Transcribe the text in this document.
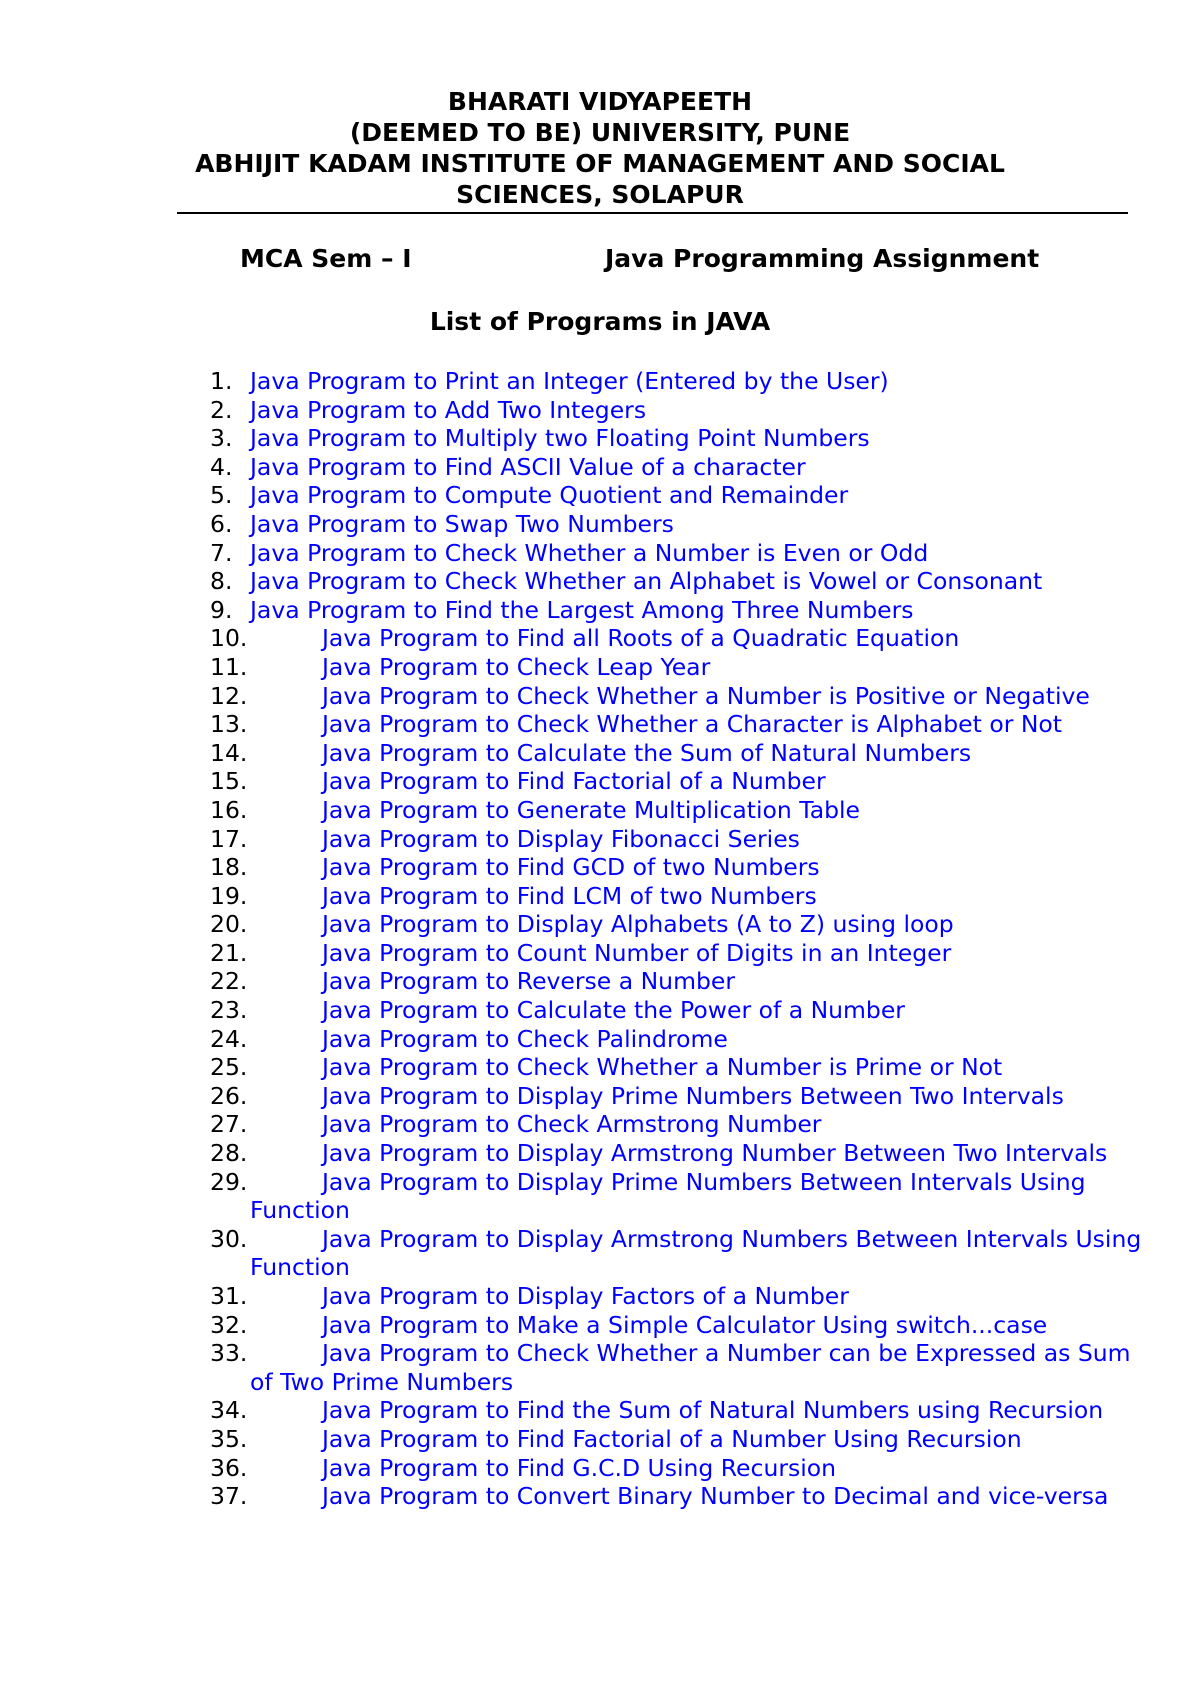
BHARATI VIDYAPEETH
(DEEMED TO BE) UNIVERSITY, PUNE
ABHIJIT KADAM INSTITUTE OF MANAGEMENT AND SOCIAL
SCIENCES, SOLAPUR
MCA Sem – I	Java Programming Assignment
List of Programs in JAVA
1. Java Program to Print an Integer (Entered by the User)
2. Java Program to Add Two Integers
3. Java Program to Multiply two Floating Point Numbers
4. Java Program to Find ASCII Value of a character
5. Java Program to Compute Quotient and Remainder
6. Java Program to Swap Two Numbers
7. Java Program to Check Whether a Number is Even or Odd
8. Java Program to Check Whether an Alphabet is Vowel or Consonant
9. Java Program to Find the Largest Among Three Numbers
10.	Java Program to Find all Roots of a Quadratic Equation
11.	Java Program to Check Leap Year
12.	Java Program to Check Whether a Number is Positive or Negative
13.	Java Program to Check Whether a Character is Alphabet or Not
14.	Java Program to Calculate the Sum of Natural Numbers
15.	Java Program to Find Factorial of a Number
16.	Java Program to Generate Multiplication Table
17.	Java Program to Display Fibonacci Series
18.	Java Program to Find GCD of two Numbers
19.	Java Program to Find LCM of two Numbers
20.	Java Program to Display Alphabets (A to Z) using loop
21.	Java Program to Count Number of Digits in an Integer
22.	Java Program to Reverse a Number
23.	Java Program to Calculate the Power of a Number
24.	Java Program to Check Palindrome
25.	Java Program to Check Whether a Number is Prime or Not
26.	Java Program to Display Prime Numbers Between Two Intervals
27.	Java Program to Check Armstrong Number
28.	Java Program to Display Armstrong Number Between Two Intervals
29.	Java Program to Display Prime Numbers Between Intervals Using Function
30.	Java Program to Display Armstrong Numbers Between Intervals Using Function
31.	Java Program to Display Factors of a Number
32.	Java Program to Make a Simple Calculator Using switch...case
33.	Java Program to Check Whether a Number can be Expressed as Sum of Two Prime Numbers
34.	Java Program to Find the Sum of Natural Numbers using Recursion
35.	Java Program to Find Factorial of a Number Using Recursion
36.	Java Program to Find G.C.D Using Recursion
37.	Java Program to Convert Binary Number to Decimal and vice-versa
